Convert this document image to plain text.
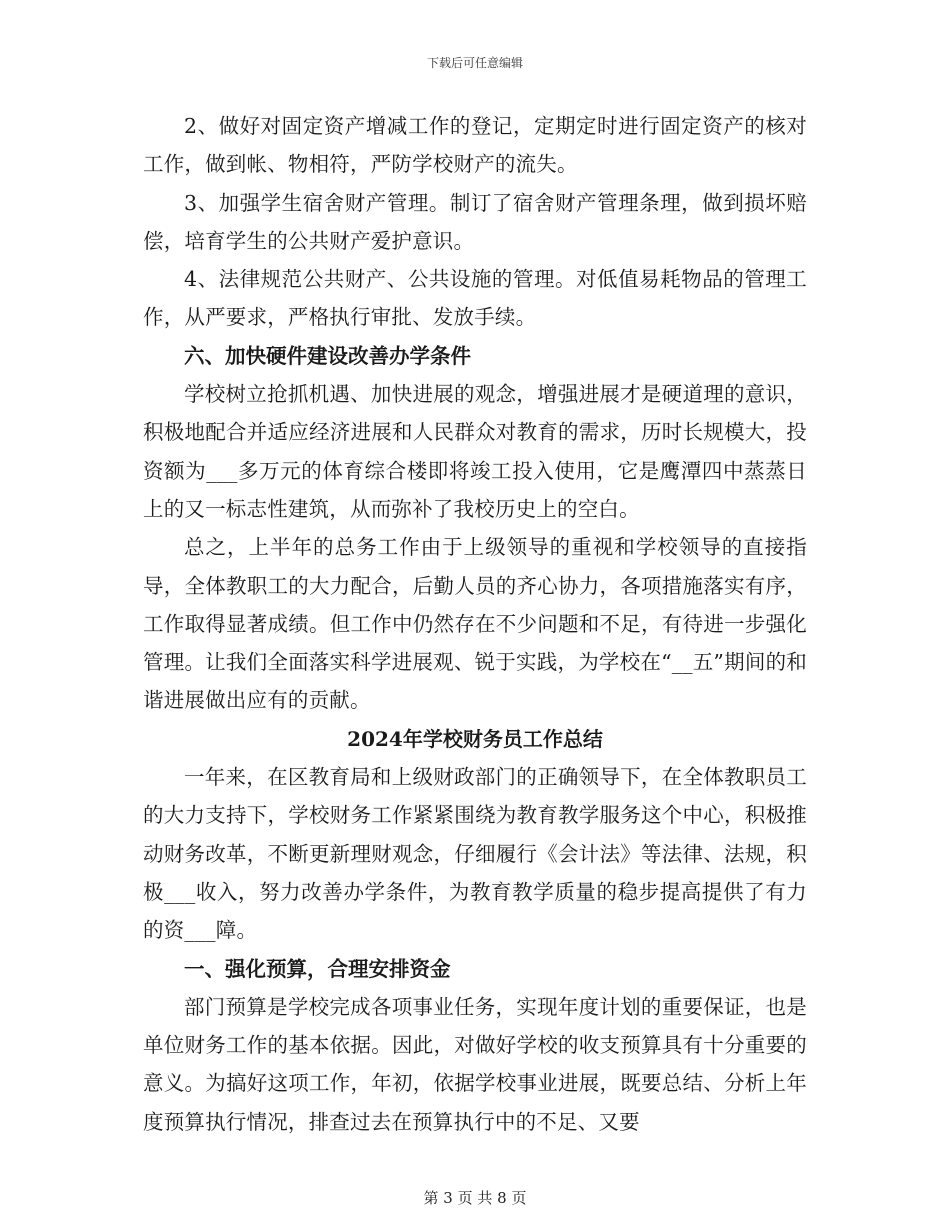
下载后可任意编辑

2、做好对固定资产增减工作的登记，定期定时进行固定资产的核对工作，做到帐、物相符，严防学校财产的流失。

3、加强学生宿舍财产管理。制订了宿舍财产管理条理，做到损坏赔偿，培育学生的公共财产爱护意识。

4、法律规范公共财产、公共设施的管理。对低值易耗物品的管理工作，从严要求，严格执行审批、发放手续。

六、加快硬件建设改善办学条件

学校树立抢抓机遇、加快进展的观念，增强进展才是硬道理的意识，积极地配合并适应经济进展和人民群众对教育的需求，历时长规模大，投资额为___多万元的体育综合楼即将竣工投入使用，它是鹰潭四中蒸蒸日上的又一标志性建筑，从而弥补了我校历史上的空白。

总之，上半年的总务工作由于上级领导的重视和学校领导的直接指导，全体教职工的大力配合，后勤人员的齐心协力，各项措施落实有序，工作取得显著成绩。但工作中仍然存在不少问题和不足，有待进一步强化管理。让我们全面落实科学进展观、锐于实践，为学校在“__五”期间的和谐进展做出应有的贡献。

2024年学校财务员工作总结

一年来，在区教育局和上级财政部门的正确领导下，在全体教职员工的大力支持下，学校财务工作紧紧围绕为教育教学服务这个中心，积极推动财务改革，不断更新理财观念，仔细履行《会计法》等法律、法规，积极___收入，努力改善办学条件，为教育教学质量的稳步提高提供了有力的资___障。

一、强化预算，合理安排资金

部门预算是学校完成各项事业任务，实现年度计划的重要保证，也是单位财务工作的基本依据。因此，对做好学校的收支预算具有十分重要的意义。为搞好这项工作，年初，依据学校事业进展，既要总结、分析上年度预算执行情况，排查过去在预算执行中的不足、又要

第 3 页 共 8 页
